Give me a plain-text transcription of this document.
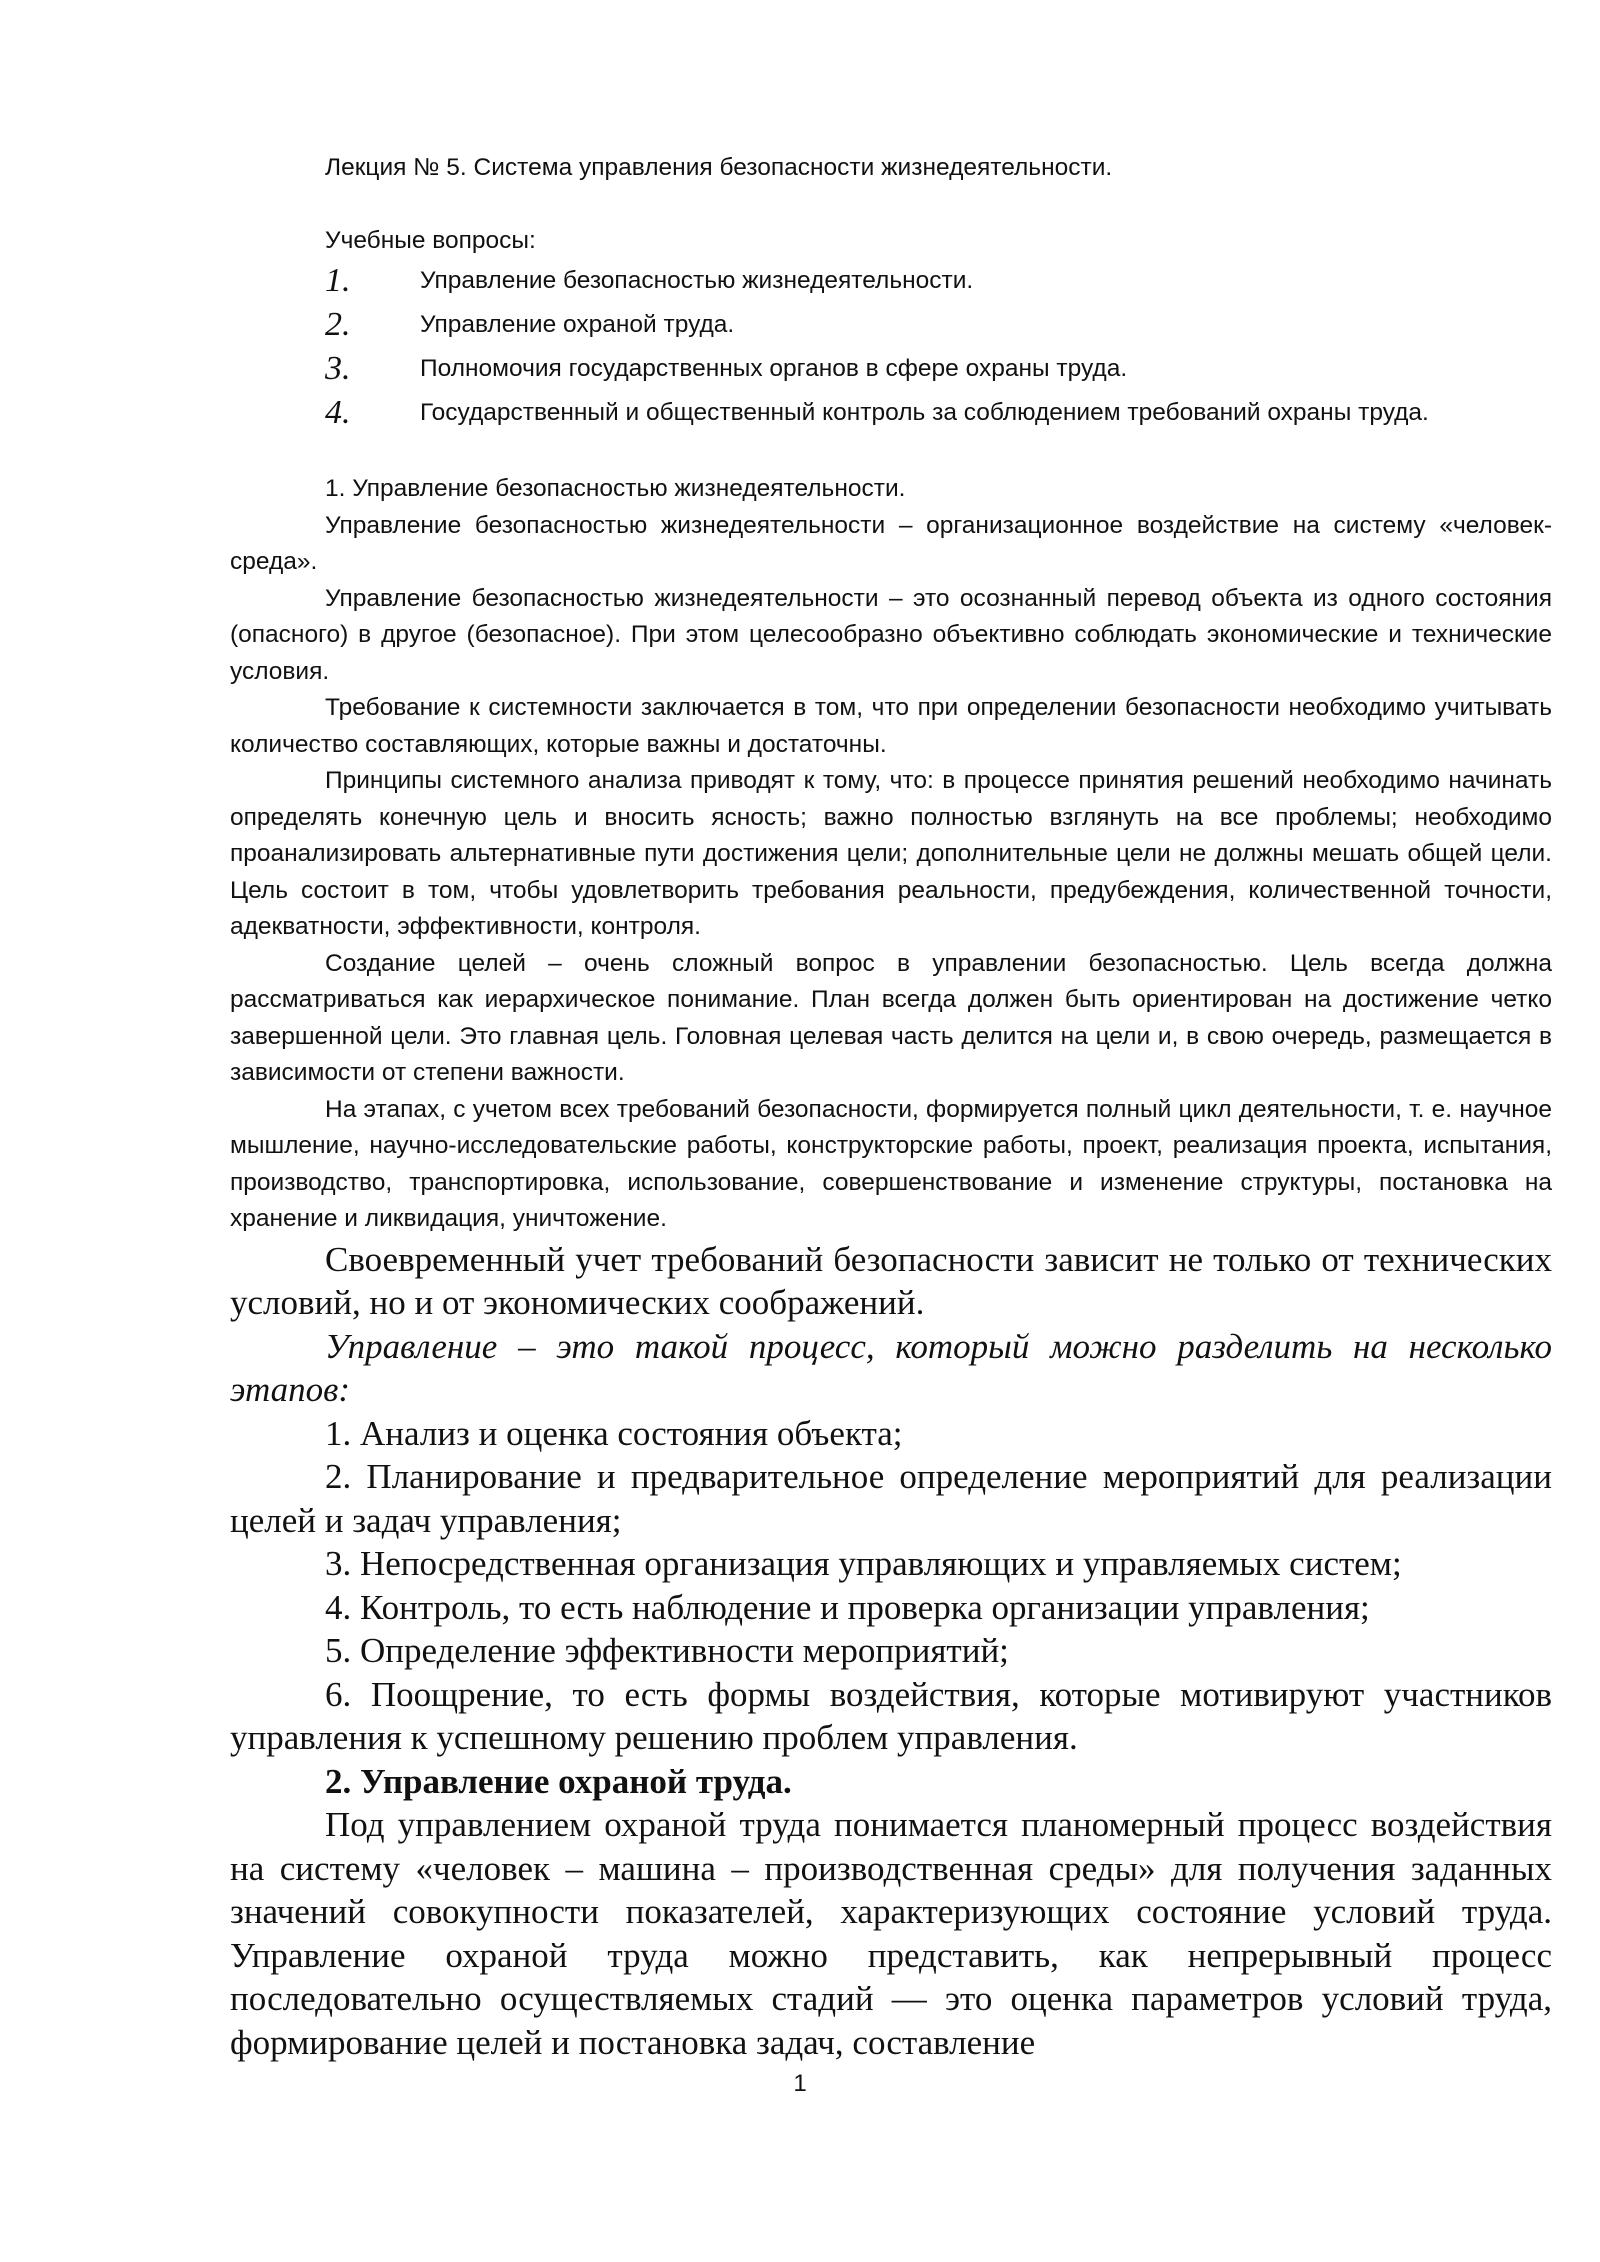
Лекция № 5. Система управления безопасности жизнедеятельности.

Учебные вопросы:

1.	Управление безопасностью жизнедеятельности.
2.	Управление охраной труда.
3.	Полномочия государственных органов в сфере охраны труда.
4.	Государственный и общественный контроль за соблюдением требований охраны труда.

1. Управление безопасностью жизнедеятельности.

Управление безопасностью жизнедеятельности – организационное воздействие на систему «человек-среда».

Управление безопасностью жизнедеятельности – это осознанный перевод объекта из одного состояния (опасного) в другое (безопасное). При этом целесообразно объективно соблюдать экономические и технические условия.

Требование к системности заключается в том, что при определении безопасности необходимо учитывать количество составляющих, которые важны и достаточны.

Принципы системного анализа приводят к тому, что: в процессе принятия решений необходимо начинать определять конечную цель и вносить ясность; важно полностью взглянуть на все проблемы; необходимо проанализировать альтернативные пути достижения цели; дополнительные цели не должны мешать общей цели. Цель состоит в том, чтобы удовлетворить требования реальности, предубеждения, количественной точности, адекватности, эффективности, контроля.

Создание целей – очень сложный вопрос в управлении безопасностью. Цель всегда должна рассматриваться как иерархическое понимание. План всегда должен быть ориентирован на достижение четко завершенной цели. Это главная цель. Головная целевая часть делится на цели и, в свою очередь, размещается в зависимости от степени важности.

На этапах, с учетом всех требований безопасности, формируется полный цикл деятельности, т. е. научное мышление, научно-исследовательские работы, конструкторские работы, проект, реализация проекта, испытания, производство, транспортировка, использование, совершенствование и изменение структуры, постановка на хранение и ликвидация, уничтожение.

Своевременный учет требований безопасности зависит не только от технических условий, но и от экономических соображений.

Управление – это такой процесс, который можно разделить на несколько этапов:

1. Анализ и оценка состояния объекта;

2. Планирование и предварительное определение мероприятий для реализации целей и задач управления;

3. Непосредственная организация управляющих и управляемых систем;

4. Контроль, то есть наблюдение и проверка организации управления;

5. Определение эффективности мероприятий;

6. Поощрение, то есть формы воздействия, которые мотивируют участников управления к успешному решению проблем управления.

2. Управление охраной труда.

Под управлением охраной труда понимается планомерный процесс воздействия на систему «человек – машина – производственная среды» для получения заданных значений совокупности показателей, характеризующих состояние условий труда. Управление охраной труда можно представить, как непрерывный процесс последовательно осуществляемых стадий — это оценка параметров условий труда, формирование целей и постановка задач, составление

1
